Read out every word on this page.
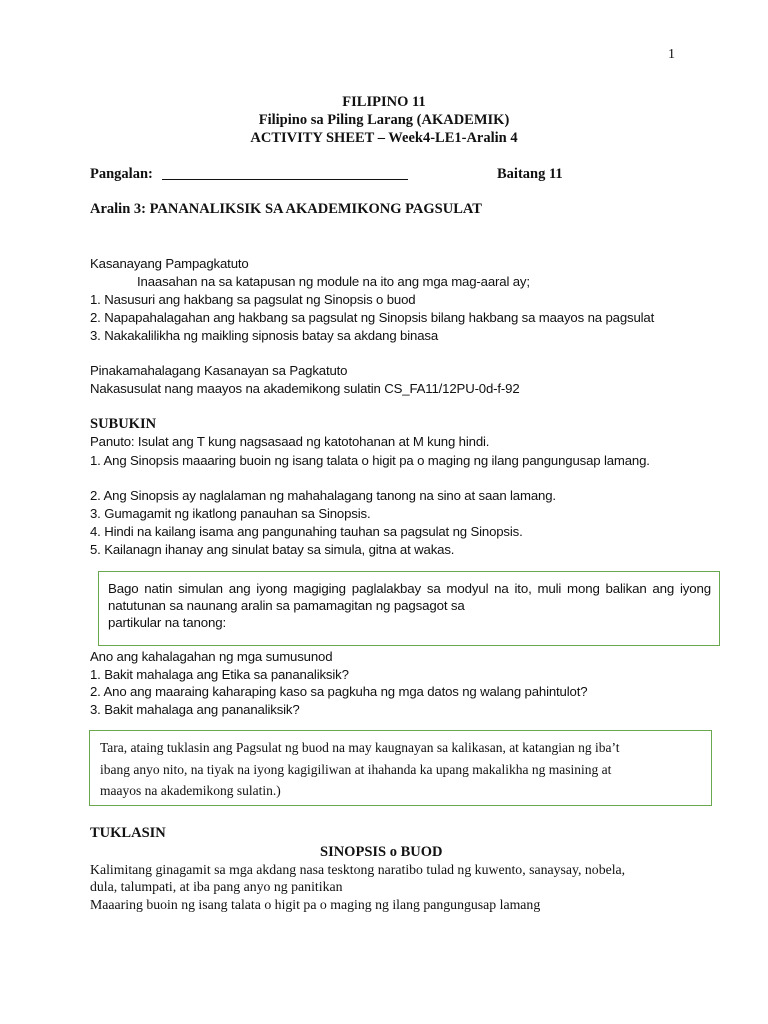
1
FILIPINO 11
Filipino sa Piling Larang (AKADEMIK)
ACTIVITY SHEET – Week4-LE1-Aralin 4
Pangalan:	Baitang 11
Aralin 3: PANANALIKSIK SA AKADEMIKONG PAGSULAT
Kasanayang Pampagkatuto
Inaasahan na sa katapusan ng module na ito ang mga mag-aaral ay;
1. Nasusuri ang hakbang sa pagsulat ng Sinopsis o buod
2. Napapahalagahan ang hakbang sa pagsulat ng Sinopsis bilang hakbang sa maayos na pagsulat
3. Nakakalilikha ng maikling sipnosis batay sa akdang binasa
Pinakamahalagang Kasanayan sa Pagkatuto
Nakasusulat nang maayos na akademikong sulatin CS_FA11/12PU-0d-f-92
SUBUKIN
Panuto: Isulat ang T kung nagsasaad ng katotohanan at M kung hindi.
1. Ang Sinopsis maaaring buoin ng isang talata o higit pa o maging ng ilang pangungusap lamang.
2. Ang Sinopsis ay naglalaman ng mahahalagang tanong na sino at saan lamang.
3. Gumagamit ng ikatlong panauhan sa Sinopsis.
4. Hindi na kailang isama ang pangunahing tauhan sa pagsulat ng Sinopsis.
5. Kailanagn ihanay ang sinulat batay sa simula, gitna at wakas.
Bago natin simulan ang iyong magiging paglalakbay sa modyul na ito, muli mong balikan ang iyong natutunan sa naunang aralin sa pamamagitan ng pagsagot sa
partikular na tanong:
Ano ang kahalagahan ng mga sumusunod
1. Bakit mahalaga ang Etika sa pananaliksik?
2. Ano ang maaraing kaharaping kaso sa pagkuha ng mga datos ng walang pahintulot?
3. Bakit mahalaga ang pananaliksik?
Tara, ataing tuklasin ang Pagsulat ng buod na may kaugnayan sa kalikasan, at katangian ng iba’t
ibang anyo nito, na tiyak na iyong kagigiliwan at ihahanda ka upang makalikha ng masining at
maayos na akademikong sulatin.)
TUKLASIN
SINOPSIS o BUOD
Kalimitang ginagamit sa mga akdang nasa tesktong naratibo tulad ng kuwento, sanaysay, nobela,
dula, talumpati, at iba pang anyo ng panitikan
Maaaring buoin ng isang talata o higit pa o maging ng ilang pangungusap lamang
